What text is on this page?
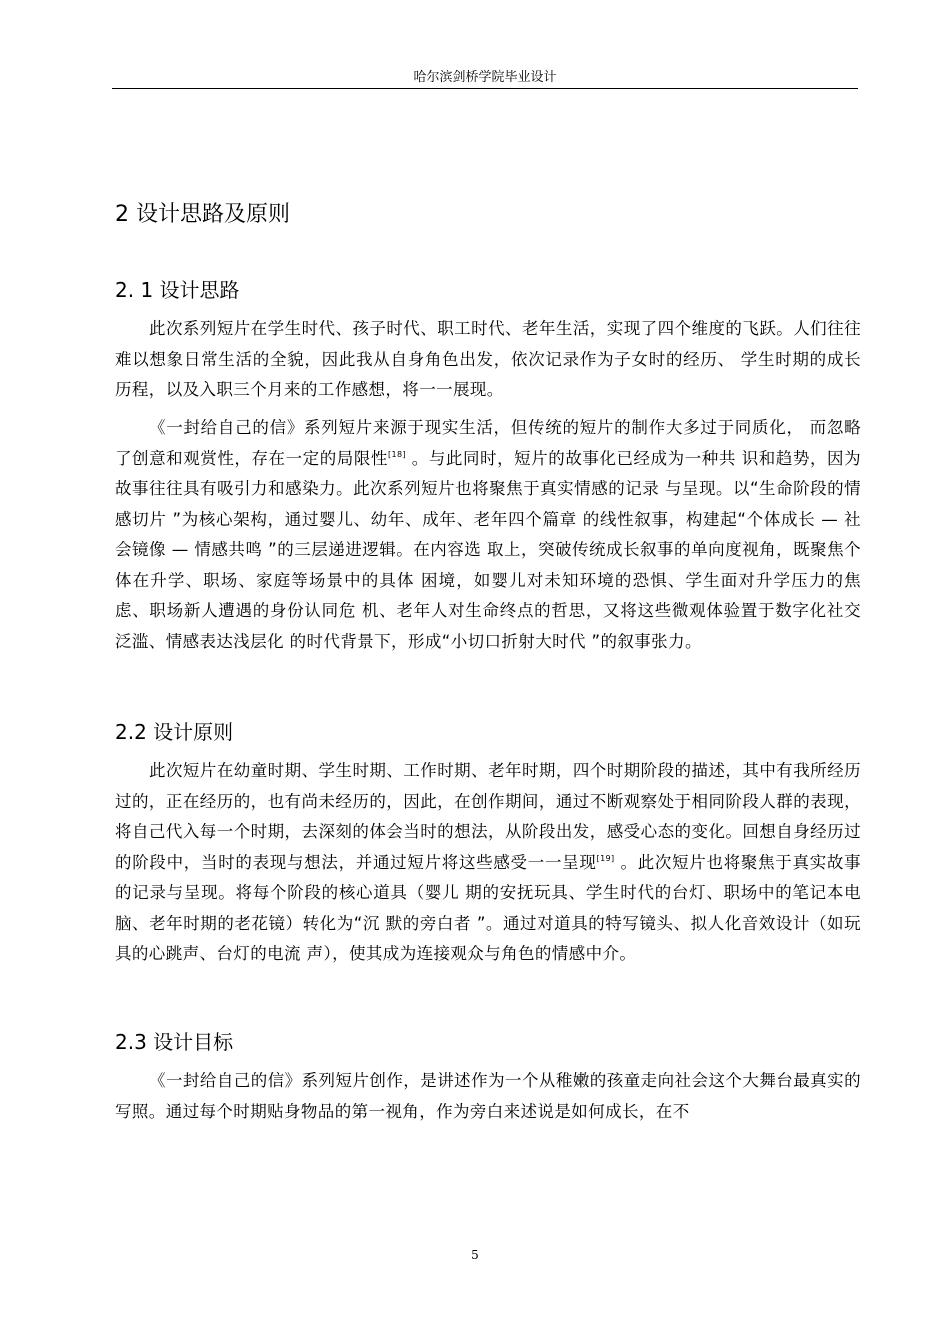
哈尔滨剑桥学院毕业设计
2 设计思路及原则
2. 1 设计思路

此次系列短片在学生时代、孩子时代、职工时代、老年生活，实现了四个维度的飞跃。人们往往难以想象日常生活的全貌，因此我从自身角色出发，依次记录作为子女时的经历、 学生时期的成长历程，以及入职三个月来的工作感想，将一一展现。

《一封给自己的信》系列短片来源于现实生活，但传统的短片的制作大多过于同质化， 而忽略了创意和观赏性，存在一定的局限性[18] 。与此同时，短片的故事化已经成为一种共 识和趋势，因为故事往往具有吸引力和感染力。此次系列短片也将聚焦于真实情感的记录 与呈现。以“生命阶段的情感切片 ”为核心架构，通过婴儿、幼年、成年、老年四个篇章 的线性叙事，构建起“个体成长 — 社会镜像 — 情感共鸣 ”的三层递进逻辑。在内容选 取上，突破传统成长叙事的单向度视角，既聚焦个体在升学、职场、家庭等场景中的具体 困境，如婴儿对未知环境的恐惧、学生面对升学压力的焦虑、职场新人遭遇的身份认同危 机、老年人对生命终点的哲思，又将这些微观体验置于数字化社交泛滥、情感表达浅层化 的时代背景下，形成“小切口折射大时代 ”的叙事张力。

2.2 设计原则

此次短片在幼童时期、学生时期、工作时期、老年时期，四个时期阶段的描述，其中有我所经历过的，正在经历的，也有尚未经历的，因此，在创作期间，通过不断观察处于相同阶段人群的表现，将自己代入每一个时期，去深刻的体会当时的想法，从阶段出发，感受心态的变化。回想自身经历过的阶段中，当时的表现与想法，并通过短片将这些感受一一呈现[19] 。此次短片也将聚焦于真实故事的记录与呈现。将每个阶段的核心道具（婴儿 期的安抚玩具、学生时代的台灯、职场中的笔记本电脑、老年时期的老花镜）转化为“沉 默的旁白者 ”。通过对道具的特写镜头、拟人化音效设计（如玩具的心跳声、台灯的电流 声），使其成为连接观众与角色的情感中介。

2.3 设计目标

《一封给自己的信》系列短片创作，是讲述作为一个从稚嫩的孩童走向社会这个大舞台最真实的写照。通过每个时期贴身物品的第一视角，作为旁白来述说是如何成长，在不

5
